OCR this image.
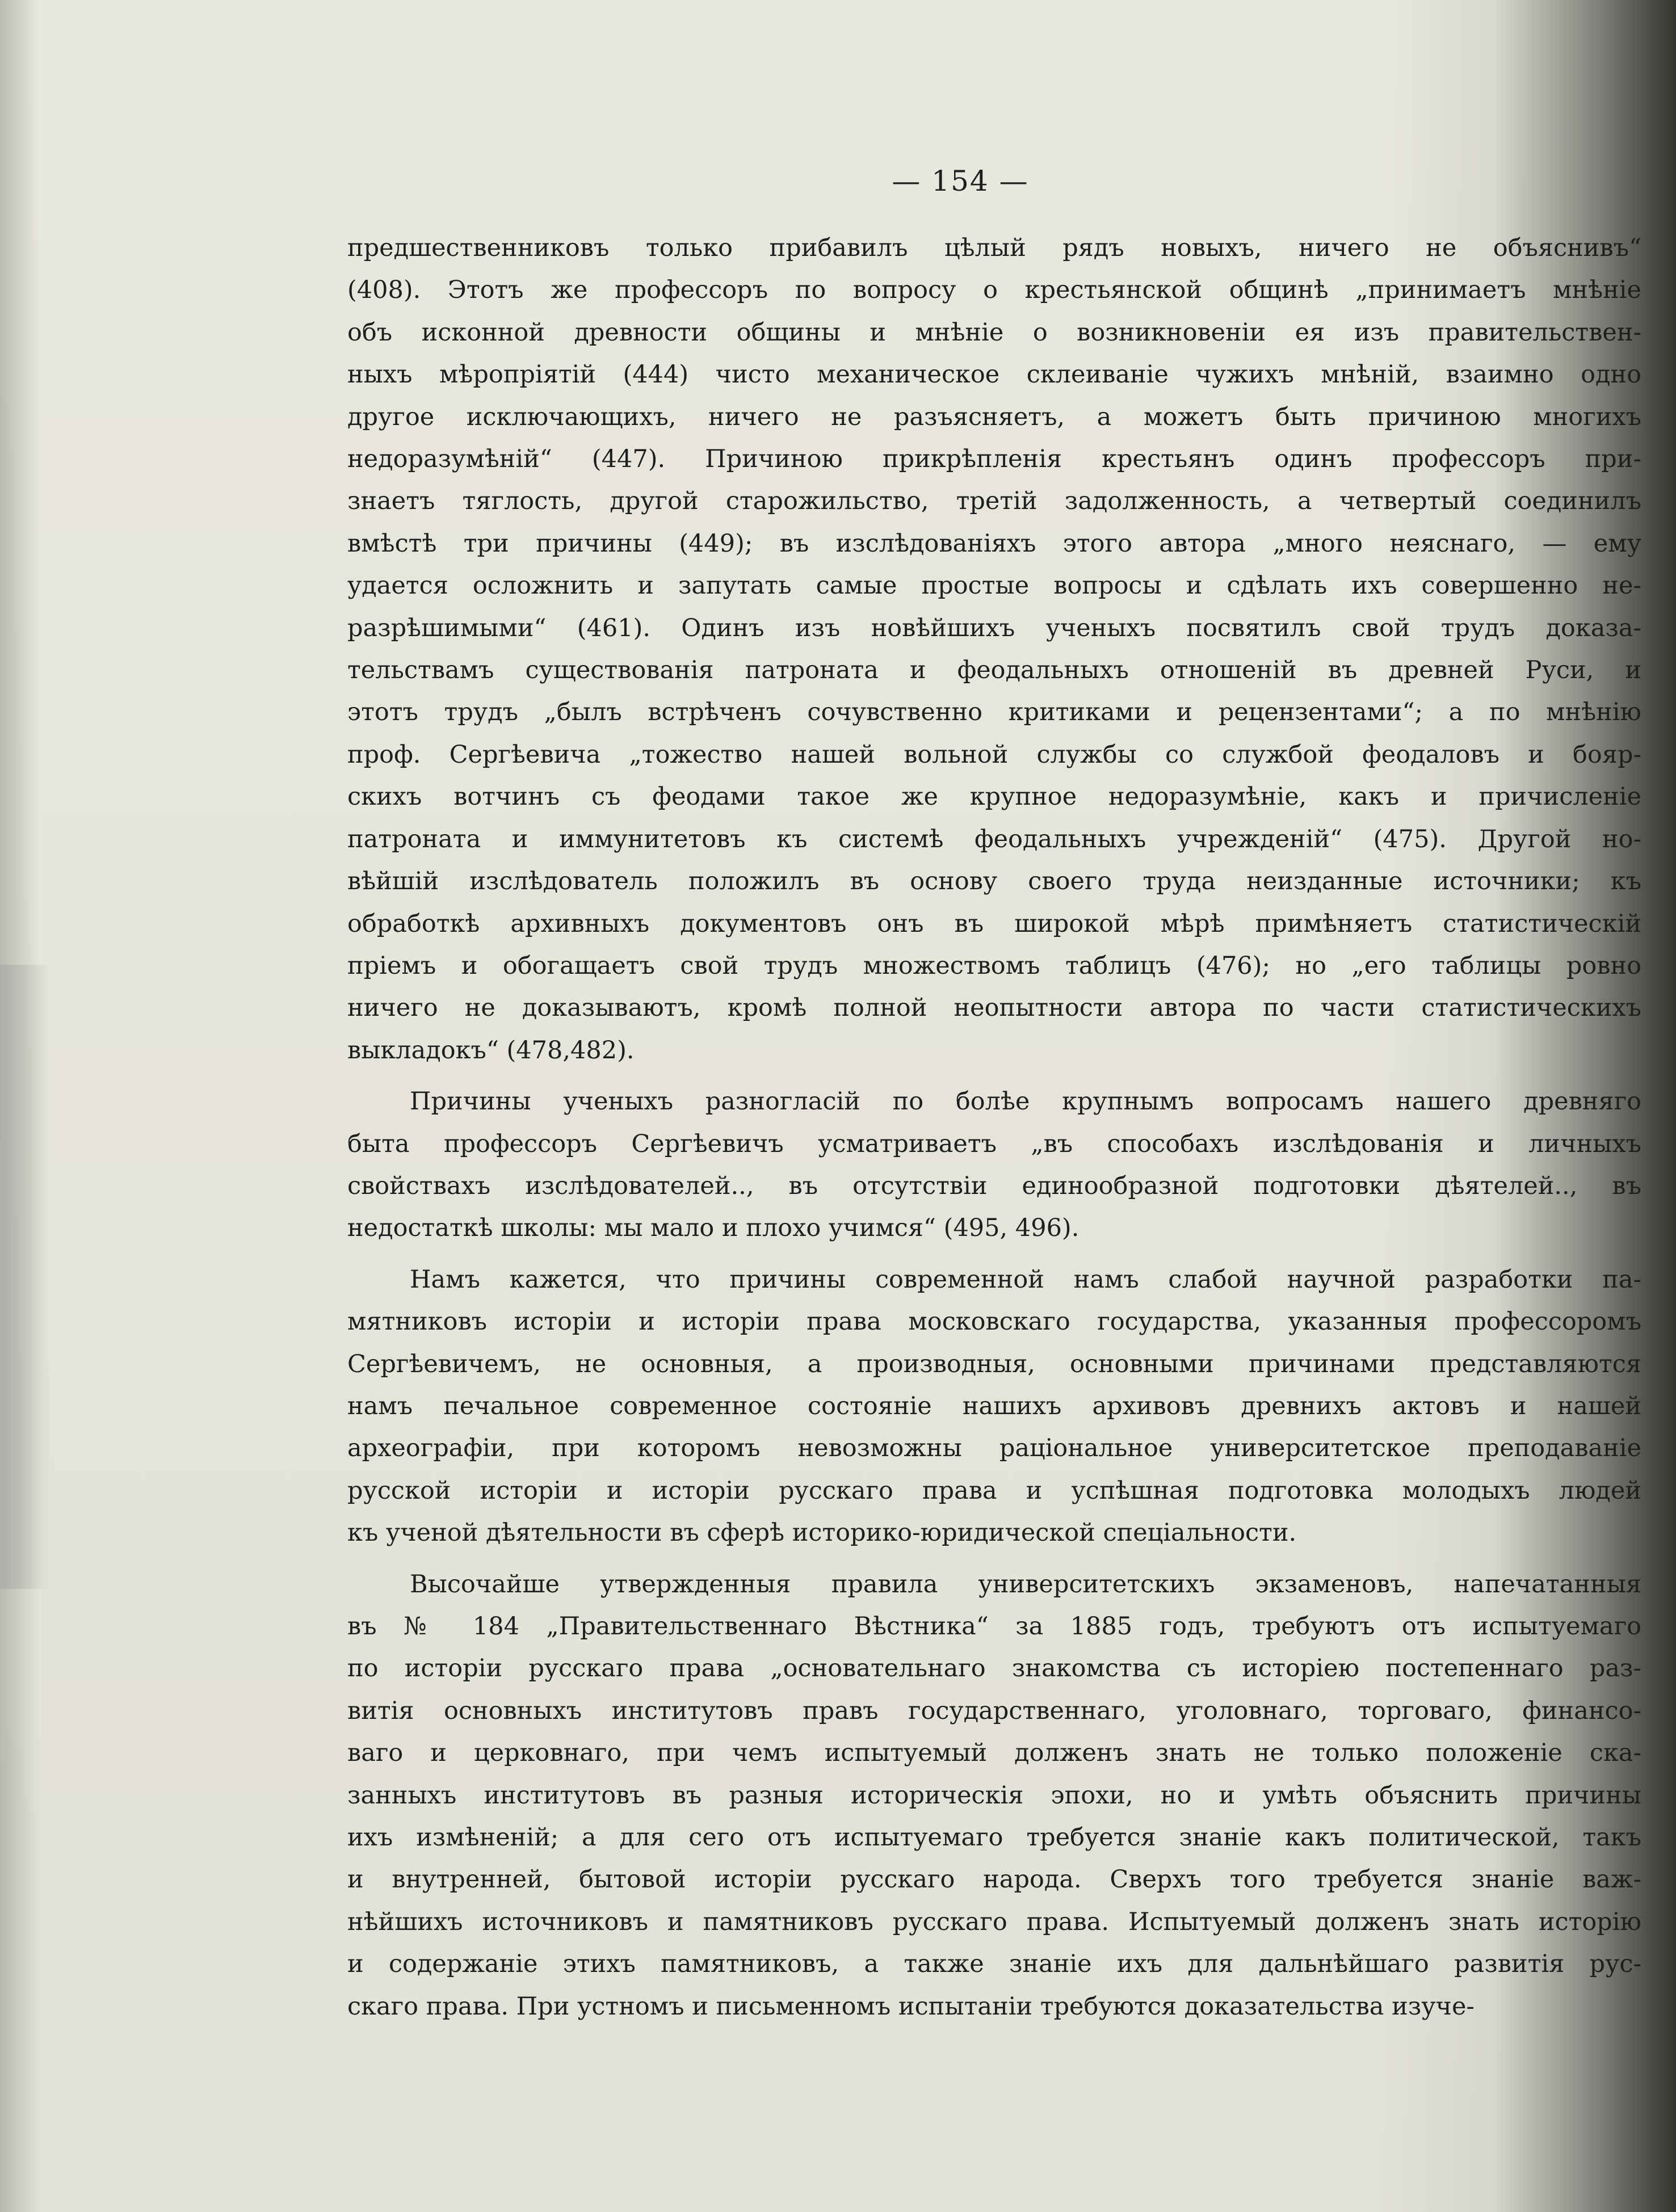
— 154 —
предшественниковъ только прибавилъ цѣлый рядъ новыхъ, ничего не объяснивъ“
(408). Этотъ же профессоръ по вопросу о крестьянской общинѣ „принимаетъ мнѣніе
объ исконной древности общины и мнѣніе о возникновеніи ея изъ правительствен-
ныхъ мѣропріятій (444) чисто механическое склеиваніе чужихъ мнѣній, взаимно одно
другое исключающихъ, ничего не разъясняетъ, а можетъ быть причиною многихъ
недоразумѣній“ (447). Причиною прикрѣпленія крестьянъ одинъ профессоръ при-
знаетъ тяглость, другой старожильство, третій задолженность, а четвертый соединилъ
вмѣстѣ три причины (449); въ изслѣдованіяхъ этого автора „много неяснаго, — ему
удается осложнить и запутать самые простые вопросы и сдѣлать ихъ совершенно не-
разрѣшимыми“ (461). Одинъ изъ новѣйшихъ ученыхъ посвятилъ свой трудъ доказа-
тельствамъ существованія патроната и феодальныхъ отношеній въ древней Руси, и
этотъ трудъ „былъ встрѣченъ сочувственно критиками и рецензентами“; а по мнѣнію
проф. Сергѣевича „тожество нашей вольной службы со службой феодаловъ и бояр-
скихъ вотчинъ съ феодами такое же крупное недоразумѣніе, какъ и причисленіе
патроната и иммунитетовъ къ системѣ феодальныхъ учрежденій“ (475). Другой но-
вѣйшій изслѣдователь положилъ въ основу своего труда неизданные источники; къ
обработкѣ архивныхъ документовъ онъ въ широкой мѣрѣ примѣняетъ статистическій
пріемъ и обогащаетъ свой трудъ множествомъ таблицъ (476); но „его таблицы ровно
ничего не доказываютъ, кромѣ полной неопытности автора по части статистическихъ
выкладокъ“ (478,482).
Причины ученыхъ разногласій по болѣе крупнымъ вопросамъ нашего древняго
быта профессоръ Сергѣевичъ усматриваетъ „въ способахъ изслѣдованія и личныхъ
свойствахъ изслѣдователей.., въ отсутствіи единообразной подготовки дѣятелей.., въ
недостаткѣ школы: мы мало и плохо учимся“ (495, 496).
Намъ кажется, что причины современной намъ слабой научной разработки па-
мятниковъ исторіи и исторіи права московскаго государства, указанныя профессоромъ
Сергѣевичемъ, не основныя, а производныя, основными причинами представляются
намъ печальное современное состояніе нашихъ архивовъ древнихъ актовъ и нашей
археографіи, при которомъ невозможны раціональное университетское преподаваніе
русской исторіи и исторіи русскаго права и успѣшная подготовка молодыхъ людей
къ ученой дѣятельности въ сферѣ историко-юридической спеціальности.
Высочайше утвержденныя правила университетскихъ экзаменовъ, напечатанныя
въ № 184 „Правительственнаго Вѣстника“ за 1885 годъ, требуютъ отъ испытуемаго
по исторіи русскаго права „основательнаго знакомства съ исторіею постепеннаго раз-
витія основныхъ институтовъ правъ государственнаго, уголовнаго, торговаго, финансо-
ваго и церковнаго, при чемъ испытуемый долженъ знать не только положеніе ска-
занныхъ институтовъ въ разныя историческія эпохи, но и умѣть объяснить причины
ихъ измѣненій; а для сего отъ испытуемаго требуется знаніе какъ политической, такъ
и внутренней, бытовой исторіи русскаго народа. Сверхъ того требуется знаніе важ-
нѣйшихъ источниковъ и памятниковъ русскаго права. Испытуемый долженъ знать исторію
и содержаніе этихъ памятниковъ, а также знаніе ихъ для дальнѣйшаго развитія рус-
скаго права. При устномъ и письменномъ испытаніи требуются доказательства изуче-
